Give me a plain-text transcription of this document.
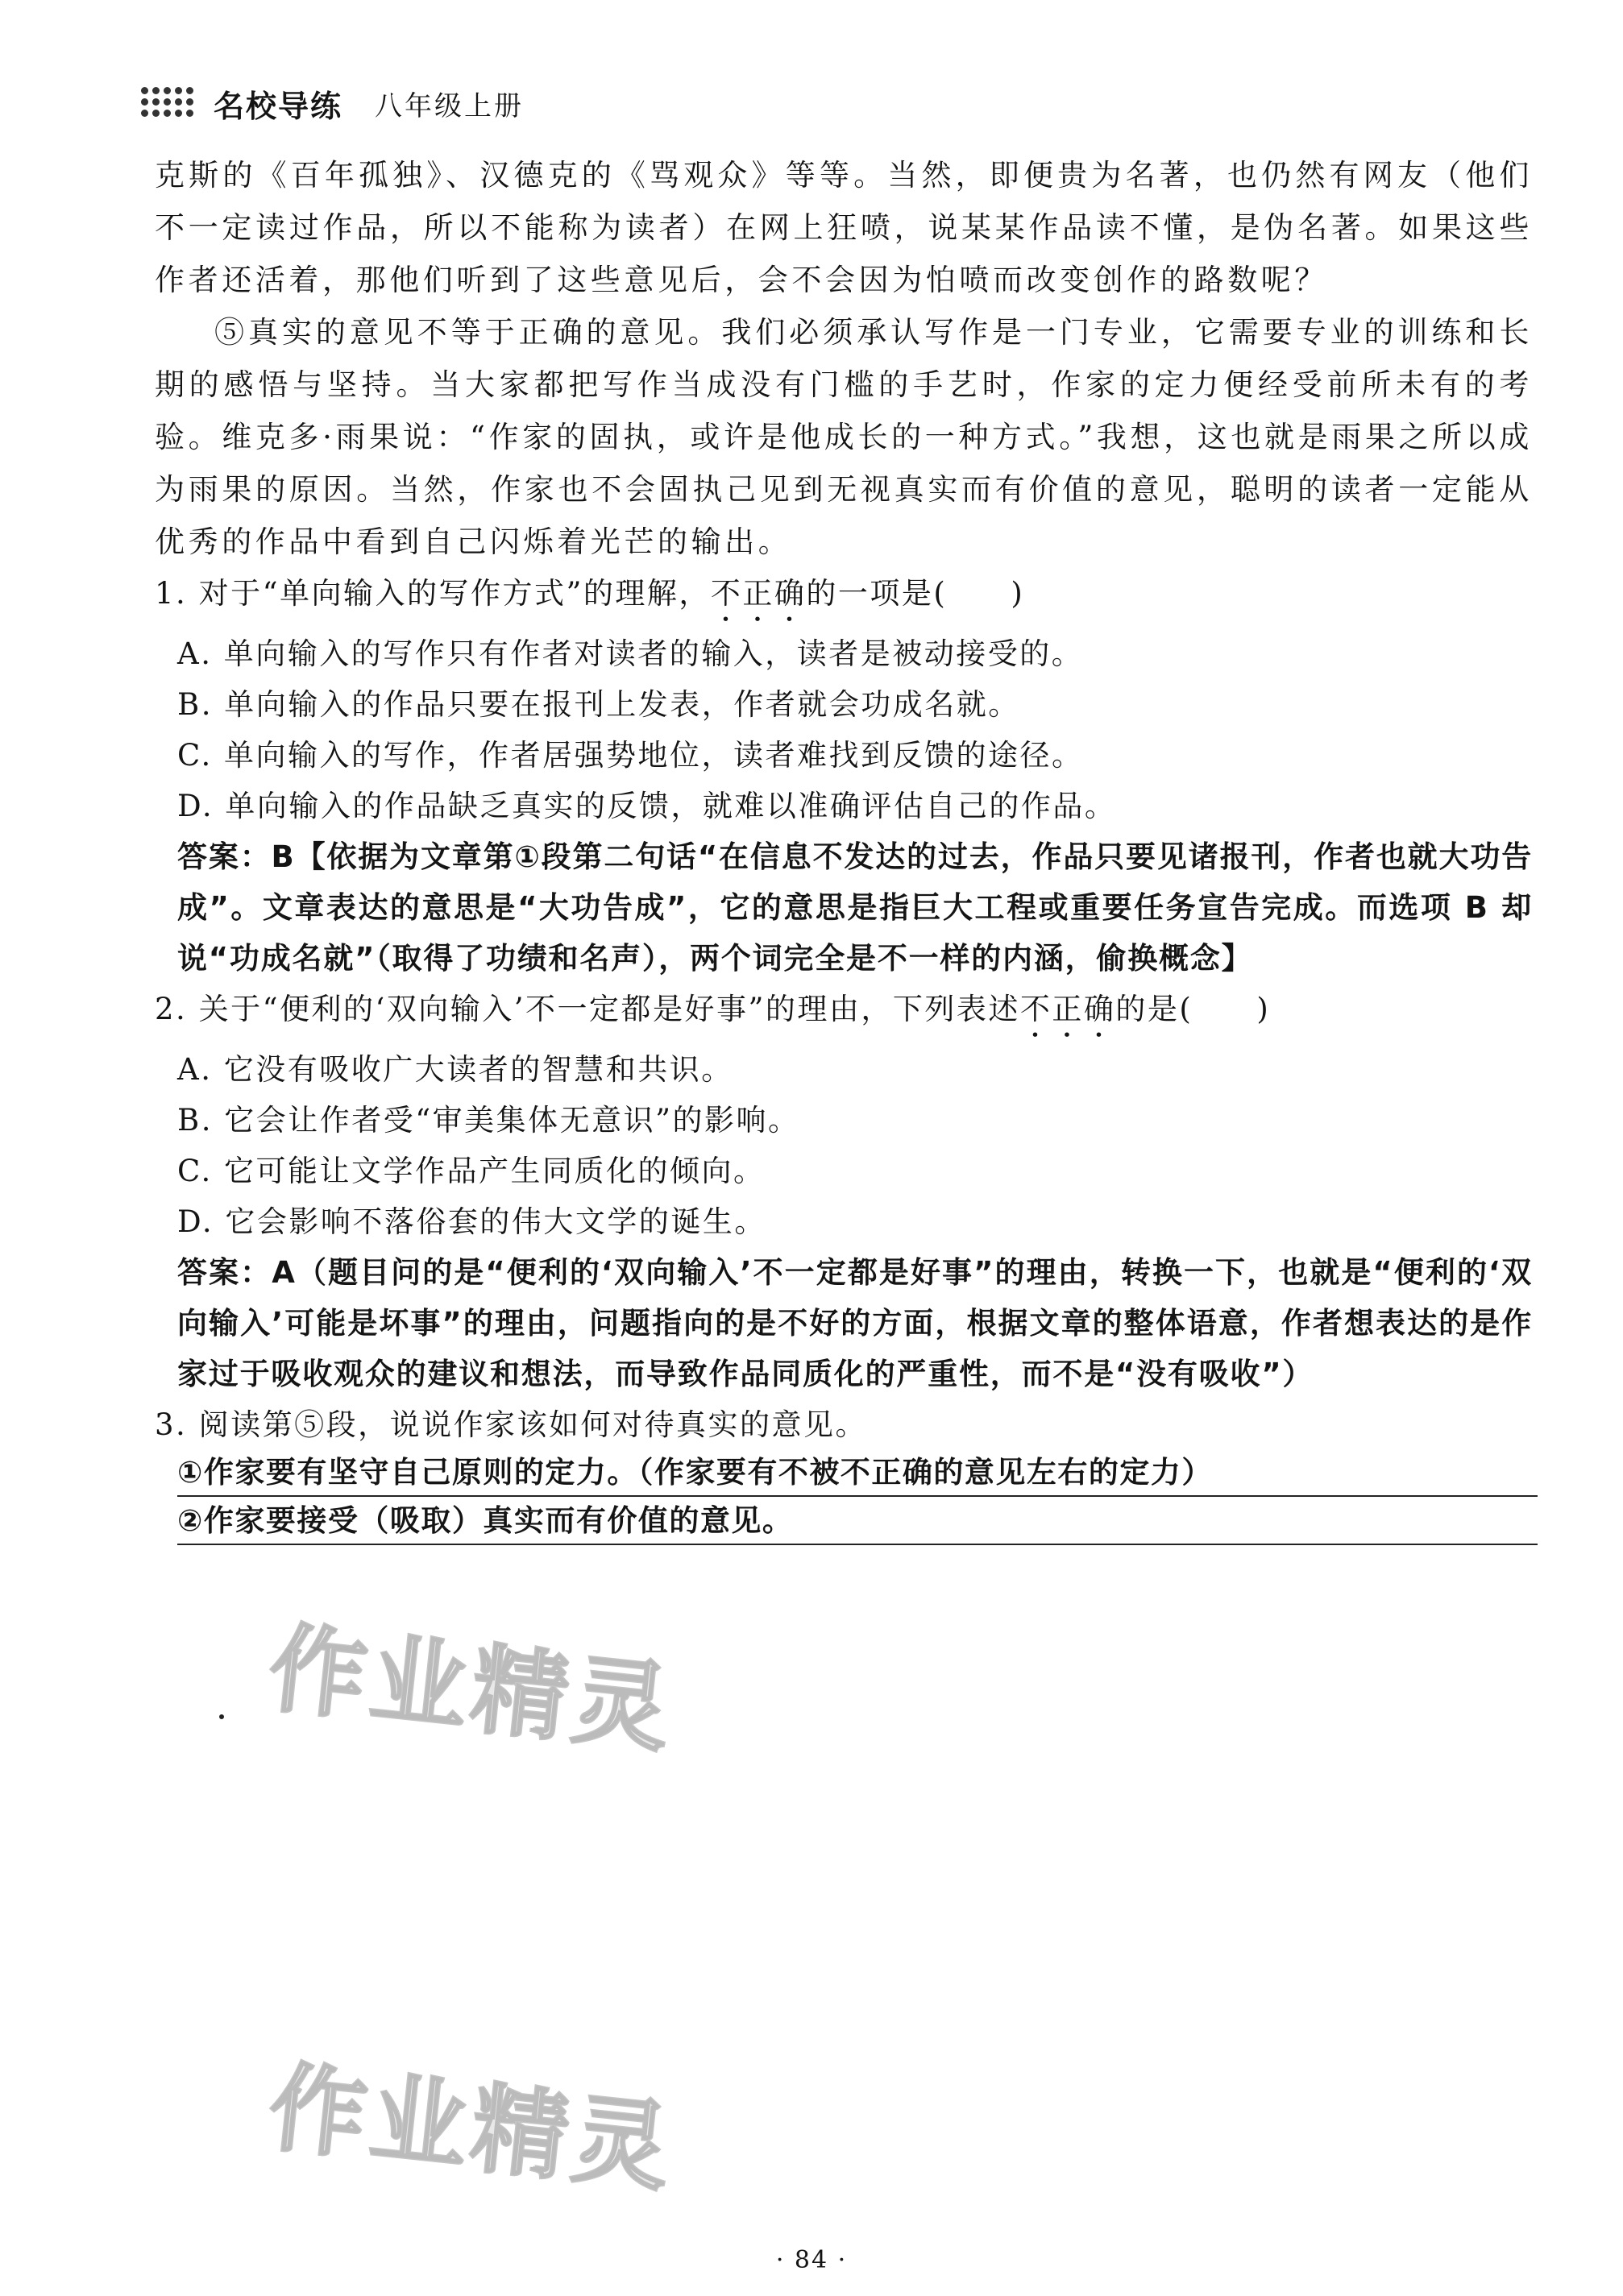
名校导练 八年级上册

克斯的《百年孤独》、汉德克的《骂观众》等等。当然，即便贵为名著，也仍然有网友（他们不一定读过作品，所以不能称为读者）在网上狂喷，说某某作品读不懂，是伪名著。如果这些作者还活着，那他们听到了这些意见后，会不会因为怕喷而改变创作的路数呢？

⑤真实的意见不等于正确的意见。我们必须承认写作是一门专业，它需要专业的训练和长期的感悟与坚持。当大家都把写作当成没有门槛的手艺时，作家的定力便经受前所未有的考验。维克多·雨果说：“作家的固执，或许是他成长的一种方式。”我想，这也就是雨果之所以成为雨果的原因。当然，作家也不会固执己见到无视真实而有价值的意见，聪明的读者一定能从优秀的作品中看到自己闪烁着光芒的输出。

1. 对于“单向输入的写作方式”的理解，不正确的一项是(　　)

A. 单向输入的写作只有作者对读者的输入，读者是被动接受的。

B. 单向输入的作品只要在报刊上发表，作者就会功成名就。

C. 单向输入的写作，作者居强势地位，读者难找到反馈的途径。

D. 单向输入的作品缺乏真实的反馈，就难以准确评估自己的作品。

答案：B【依据为文章第①段第二句话“在信息不发达的过去，作品只要见诸报刊，作者也就大功告成”。文章表达的意思是“大功告成”，它的意思是指巨大工程或重要任务宣告完成。而选项 B 却说“功成名就”（取得了功绩和名声），两个词完全是不一样的内涵，偷换概念】

2. 关于“便利的‘双向输入’不一定都是好事”的理由，下列表述不正确的是(　　)

A. 它没有吸收广大读者的智慧和共识。

B. 它会让作者受“审美集体无意识”的影响。

C. 它可能让文学作品产生同质化的倾向。

D. 它会影响不落俗套的伟大文学的诞生。

答案：A（题目问的是“便利的‘双向输入’不一定都是好事”的理由，转换一下，也就是“便利的‘双向输入’可能是坏事”的理由，问题指向的是不好的方面，根据文章的整体语意，作者想表达的是作家过于吸收观众的建议和想法，而导致作品同质化的严重性，而不是“没有吸收”）

3. 阅读第⑤段，说说作家该如何对待真实的意见。

①作家要有坚守自己原则的定力。（作家要有不被不正确的意见左右的定力）

②作家要接受（吸取）真实而有价值的意见。

作业精灵
作业精灵
· 84 ·
